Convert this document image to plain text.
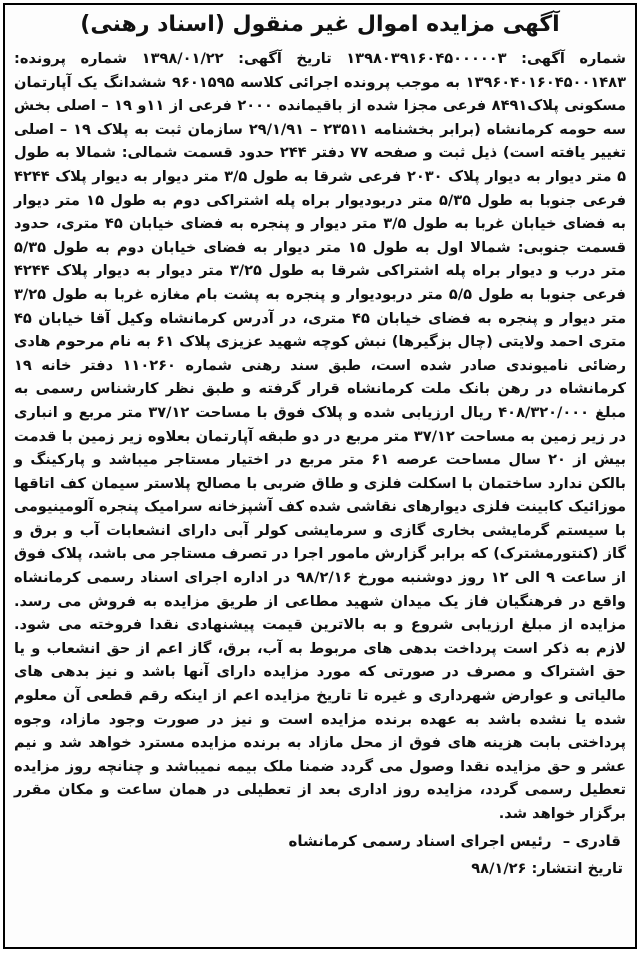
آگهی مزایده اموال غیر منقول (اسناد رهنی)
شماره آگهی: ۱۳۹۸۰۳۹۱۶۰۴۵۰۰۰۰۰۳ تاریخ آگهی: ۱۳۹۸/۰۱/۲۲ شماره پرونده: ۱۳۹۶۰۴۰۱۶۰۴۵۰۰۱۴۸۳ به موجب پرونده اجرائی کلاسه ۹۶۰۱۵۹۵ ششدانگ یک آپارتمان مسکونی پلاک۸۴۹۱ فرعی مجزا شده از باقیمانده ۲۰۰۰ فرعی از ۱۱و ۱۹ – اصلی بخش سه حومه کرمانشاه (برابر بخشنامه ۲۳۵۱۱ – ۲۹/۱/۹۱ سازمان ثبت به پلاک ۱۹ – اصلی تغییر یافته است) ذیل ثبت و صفحه ۷۷ دفتر ۲۴۴ حدود قسمت شمالی: شمالا به طول ۵ متر دیوار به دیوار پلاک ۲۰۳۰ فرعی شرقا به طول ۳/۵ متر دیوار به دیوار پلاک ۴۲۴۴ فرعی جنوبا به طول ۵/۳۵ متر دربودیوار براه پله اشتراکی دوم به طول ۱۵ متر دیوار به فضای خیابان غربا به طول ۳/۵ متر دیوار و پنجره به فضای خیابان ۴۵ متری، حدود قسمت جنوبی: شمالا اول به طول ۱۵ متر دیوار به فضای خیابان دوم به طول ۵/۳۵ متر درب و دیوار براه پله اشتراکی شرقا به طول ۳/۲۵ متر دیوار به دیوار پلاک ۴۲۴۴ فرعی جنوبا به طول ۵/۵ متر دربودیوار و پنجره به پشت بام مغازه غربا به طول ۳/۲۵ متر دیوار و پنجره به فضای خیابان ۴۵ متری، در آدرس کرمانشاه وکیل آقا خیابان ۴۵ متری احمد ولایتی (چال بزگیرها) نبش کوچه شهید عزیزی پلاک ۶۱ به نام مرحوم هادی رضائی نامیوندی صادر شده است، طبق سند رهنی شماره ۱۱۰۲۶۰ دفتر خانه ۱۹ کرمانشاه در رهن بانک ملت کرمانشاه قرار گرفته و طبق نظر کارشناس رسمی به مبلغ ۴۰۸/۳۲۰/۰۰۰ ریال ارزیابی شده و پلاک فوق با مساحت ۳۷/۱۲ متر مربع و انباری در زیر زمین به مساحت ۳۷/۱۲ متر مربع در دو طبقه آپارتمان بعلاوه زیر زمین با قدمت بیش از ۲۰ سال مساحت عرصه ۶۱ متر مربع در اختیار مستاجر میباشد و پارکینگ و بالکن ندارد ساختمان با اسکلت فلزی و طاق ضربی با مصالح پلاستر سیمان کف اتاقها موزائیک کابینت فلزی دیوارهای نقاشی شده کف آشپزخانه سرامیک پنجره آلومینیومی با سیستم گرمایشی بخاری گازی و سرمایشی کولر آبی دارای انشعابات آب و برق و گاز (کنتورمشترک) که برابر گزارش مامور اجرا در تصرف مستاجر می باشد، پلاک فوق از ساعت ۹ الی ۱۲ روز دوشنبه مورخ ۹۸/۲/۱۶ در اداره اجرای اسناد رسمی کرمانشاه واقع در فرهنگیان فاز یک میدان شهید مطاعی از طریق مزایده به فروش می رسد. مزایده از مبلغ ارزیابی شروع و به بالاترین قیمت پیشنهادی نقدا فروخته می شود. لازم به ذکر است پرداخت بدهی های مربوط به آب، برق، گاز اعم از حق انشعاب و یا حق اشتراک و مصرف در صورتی که مورد مزایده دارای آنها باشد و نیز بدهی های مالیاتی و عوارض شهرداری و غیره تا تاریخ مزایده اعم از اینکه رقم قطعی آن معلوم شده یا نشده باشد به عهده برنده مزایده است و نیز در صورت وجود مازاد، وجوه پرداختی بابت هزینه های فوق از محل مازاد به برنده مزایده مسترد خواهد شد و نیم عشر و حق مزایده نقدا وصول می گردد ضمنا ملک بیمه نمیباشد و چنانچه روز مزایده تعطیل رسمی گردد، مزایده روز اداری بعد از تعطیلی در همان ساعت و مکان مقرر برگزار خواهد شد.
قادری – رئیس اجرای اسناد رسمی کرمانشاه
تاریخ انتشار: ۹۸/۱/۲۶
